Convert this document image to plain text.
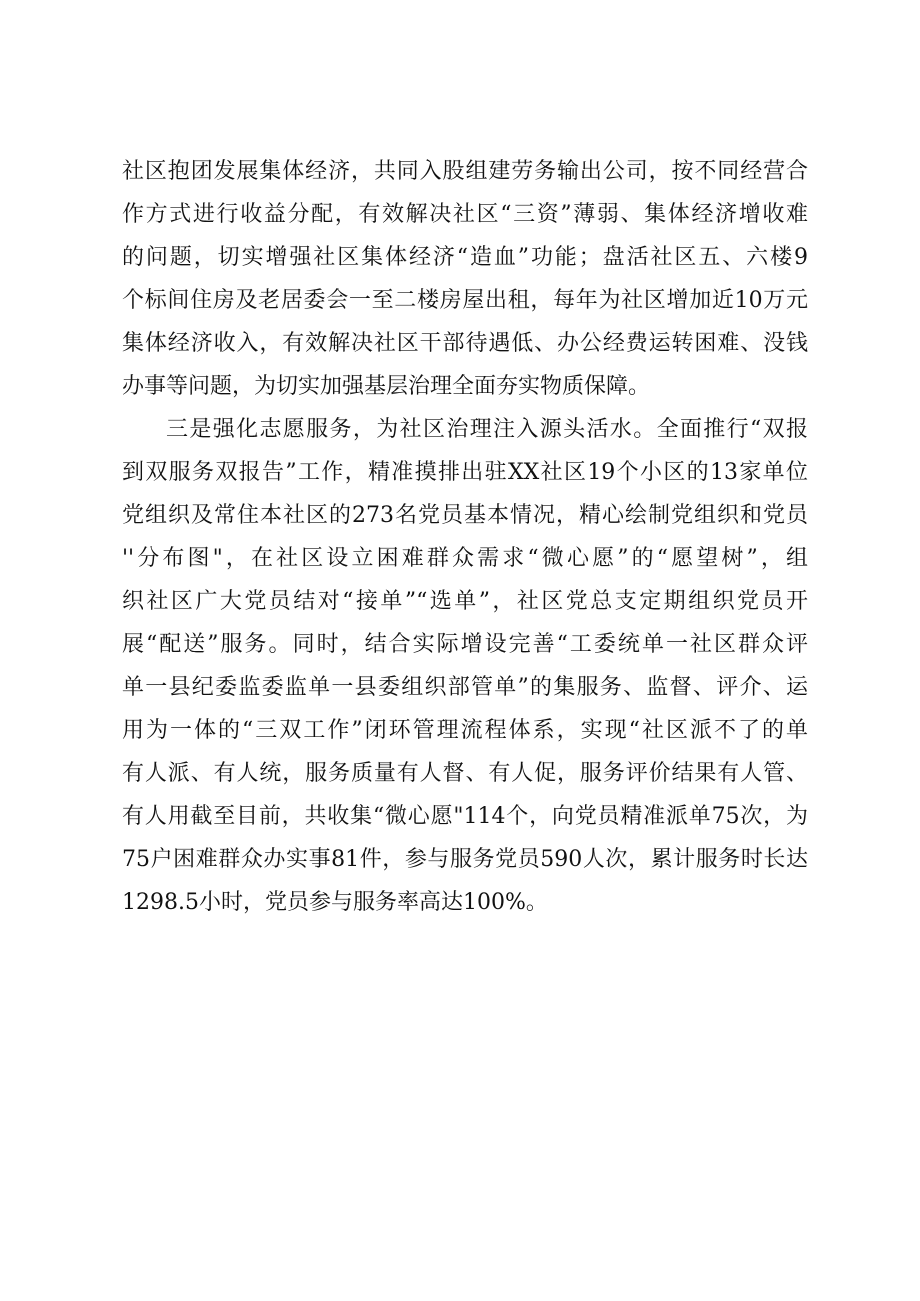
社区抱团发展集体经济，共同入股组建劳务输出公司，按不同经营合
作方式进行收益分配，有效解决社区“三资”薄弱、集体经济增收难
的问题，切实增强社区集体经济“造血”功能；盘活社区五、六楼9
个标间住房及老居委会一至二楼房屋出租，每年为社区增加近10万元
集体经济收入，有效解决社区干部待遇低、办公经费运转困难、没钱
办事等问题，为切实加强基层治理全面夯实物质保障。
三是强化志愿服务，为社区治理注入源头活水。全面推行“双报
到双服务双报告”工作，精准摸排出驻XX社区19个小区的13家单位
党组织及常住本社区的273名党员基本情况，精心绘制党组织和党员
''分布图"，在社区设立困难群众需求“微心愿”的“愿望树”，组
织社区广大党员结对“接单”“选单”，社区党总支定期组织党员开
展“配送”服务。同时，结合实际增设完善“工委统单一社区群众评
单一县纪委监委监单一县委组织部管单”的集服务、监督、评介、运
用为一体的“三双工作”闭环管理流程体系，实现“社区派不了的单
有人派、有人统，服务质量有人督、有人促，服务评价结果有人管、
有人用截至目前，共收集“微心愿"114个，向党员精准派单75次，为
75户困难群众办实事81件，参与服务党员590人次，累计服务时长达
1298.5小时，党员参与服务率高达100%。
